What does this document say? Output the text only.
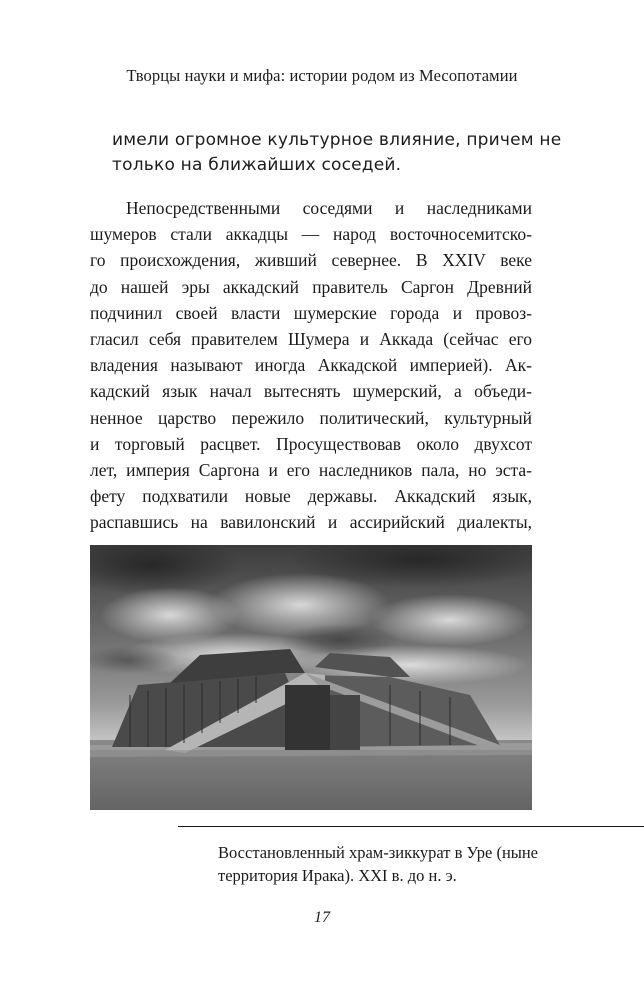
Творцы науки и мифа: истории родом из Месопотамии
имели огромное культурное влияние, причем не
только на ближайших соседей.
Непосредственными соседями и наследниками
шумеров стали аккадцы — народ восточносемитско-
го происхождения, живший севернее. В XXIV веке
до нашей эры аккадский правитель Саргон Древний
подчинил своей власти шумерские города и провоз-
гласил себя правителем Шумера и Аккада (сейчас его
владения называют иногда Аккадской империей). Ак-
кадский язык начал вытеснять шумерский, а объеди-
ненное царство пережило политический, культурный
и торговый расцвет. Просуществовав около двухсот
лет, империя Саргона и его наследников пала, но эста-
фету подхватили новые державы. Аккадский язык,
распавшись на вавилонский и ассирийский диалекты,
Восстановленный храм-зиккурат в Уре (ныне
территория Ирака). XXI в. до н. э.
17
